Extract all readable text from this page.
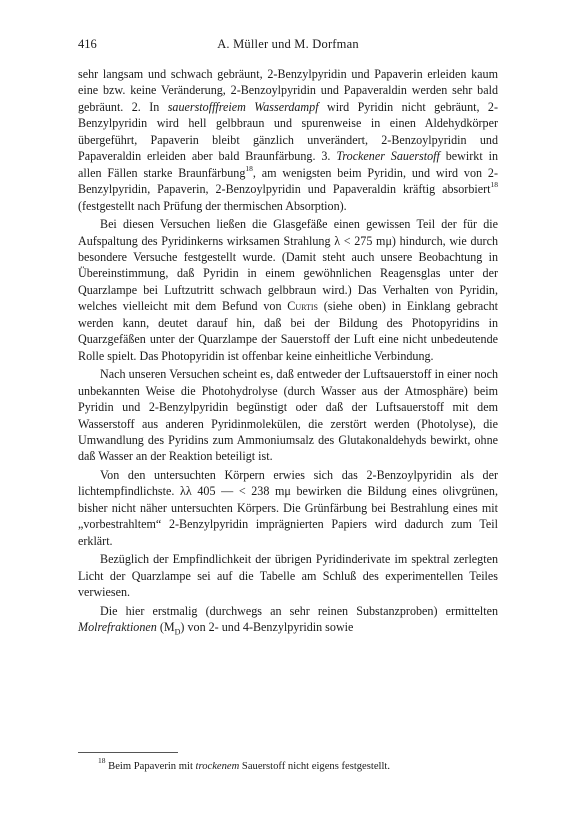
416	A. Müller und M. Dorfman

sehr langsam und schwach gebräunt, 2-Benzylpyridin und Papaverin erleiden kaum eine bzw. keine Veränderung, 2-Benzoylpyridin und Papaveraldin werden sehr bald gebräunt. 2. In sauerstofffreiem Wasserdampf wird Pyridin nicht gebräunt, 2-Benzylpyridin wird hell gelbbraun und spurenweise in einen Aldehydkörper übergeführt, Papaverin bleibt gänzlich unverändert, 2-Benzoylpyridin und Papaveraldin erleiden aber bald Braunfärbung. 3. Trockener Sauerstoff bewirkt in allen Fällen starke Braunfärbung$^{18}$, am wenigsten beim Pyridin, und wird von 2-Benzylpyridin, Papaverin, 2-Benzoylpyridin und Papaveraldin kräftig absorbiert$^{18}$ (festgestellt nach Prüfung der thermischen Absorption).

Bei diesen Versuchen ließen die Glasgefäße einen gewissen Teil der für die Aufspaltung des Pyridinkerns wirksamen Strahlung λ < 275 mμ) hindurch, wie durch besondere Versuche festgestellt wurde. (Damit steht auch unsere Beobachtung in Übereinstimmung, daß Pyridin in einem gewöhnlichen Reagensglas unter der Quarzlampe bei Luftzutritt schwach gelbbraun wird.) Das Verhalten von Pyridin, welches vielleicht mit dem Befund von Curtis (siehe oben) in Einklang gebracht werden kann, deutet darauf hin, daß bei der Bildung des Photopyridins in Quarzgefäßen unter der Quarzlampe der Sauerstoff der Luft eine nicht unbedeutende Rolle spielt. Das Photopyridin ist offenbar keine einheitliche Verbindung.

Nach unseren Versuchen scheint es, daß entweder der Luftsauerstoff in einer noch unbekannten Weise die Photohydrolyse (durch Wasser aus der Atmosphäre) beim Pyridin und 2-Benzylpyridin begünstigt oder daß der Luftsauerstoff mit dem Wasserstoff aus anderen Pyridinmolekülen, die zerstört werden (Photolyse), die Umwandlung des Pyridins zum Ammoniumsalz des Glutakonaldehyds bewirkt, ohne daß Wasser an der Reaktion beteiligt ist.

Von den untersuchten Körpern erwies sich das 2-Benzoylpyridin als der lichtempfindlichste. λλ 405 — < 238 mμ bewirken die Bildung eines olivgrünen, bisher nicht näher untersuchten Körpers. Die Grünfärbung bei Bestrahlung eines mit „vorbestrahltem“ 2-Benzylpyridin imprägnierten Papiers wird dadurch zum Teil erklärt.

Bezüglich der Empfindlichkeit der übrigen Pyridinderivate im spektral zerlegten Licht der Quarzlampe sei auf die Tabelle am Schluß des experimentellen Teiles verwiesen.

Die hier erstmalig (durchwegs an sehr reinen Substanzproben) ermittelten Molrefraktionen $(M_D)$ von 2- und 4-Benzylpyridin sowie

$^{18}$ Beim Papaverin mit trockenem Sauerstoff nicht eigens festgestellt.
